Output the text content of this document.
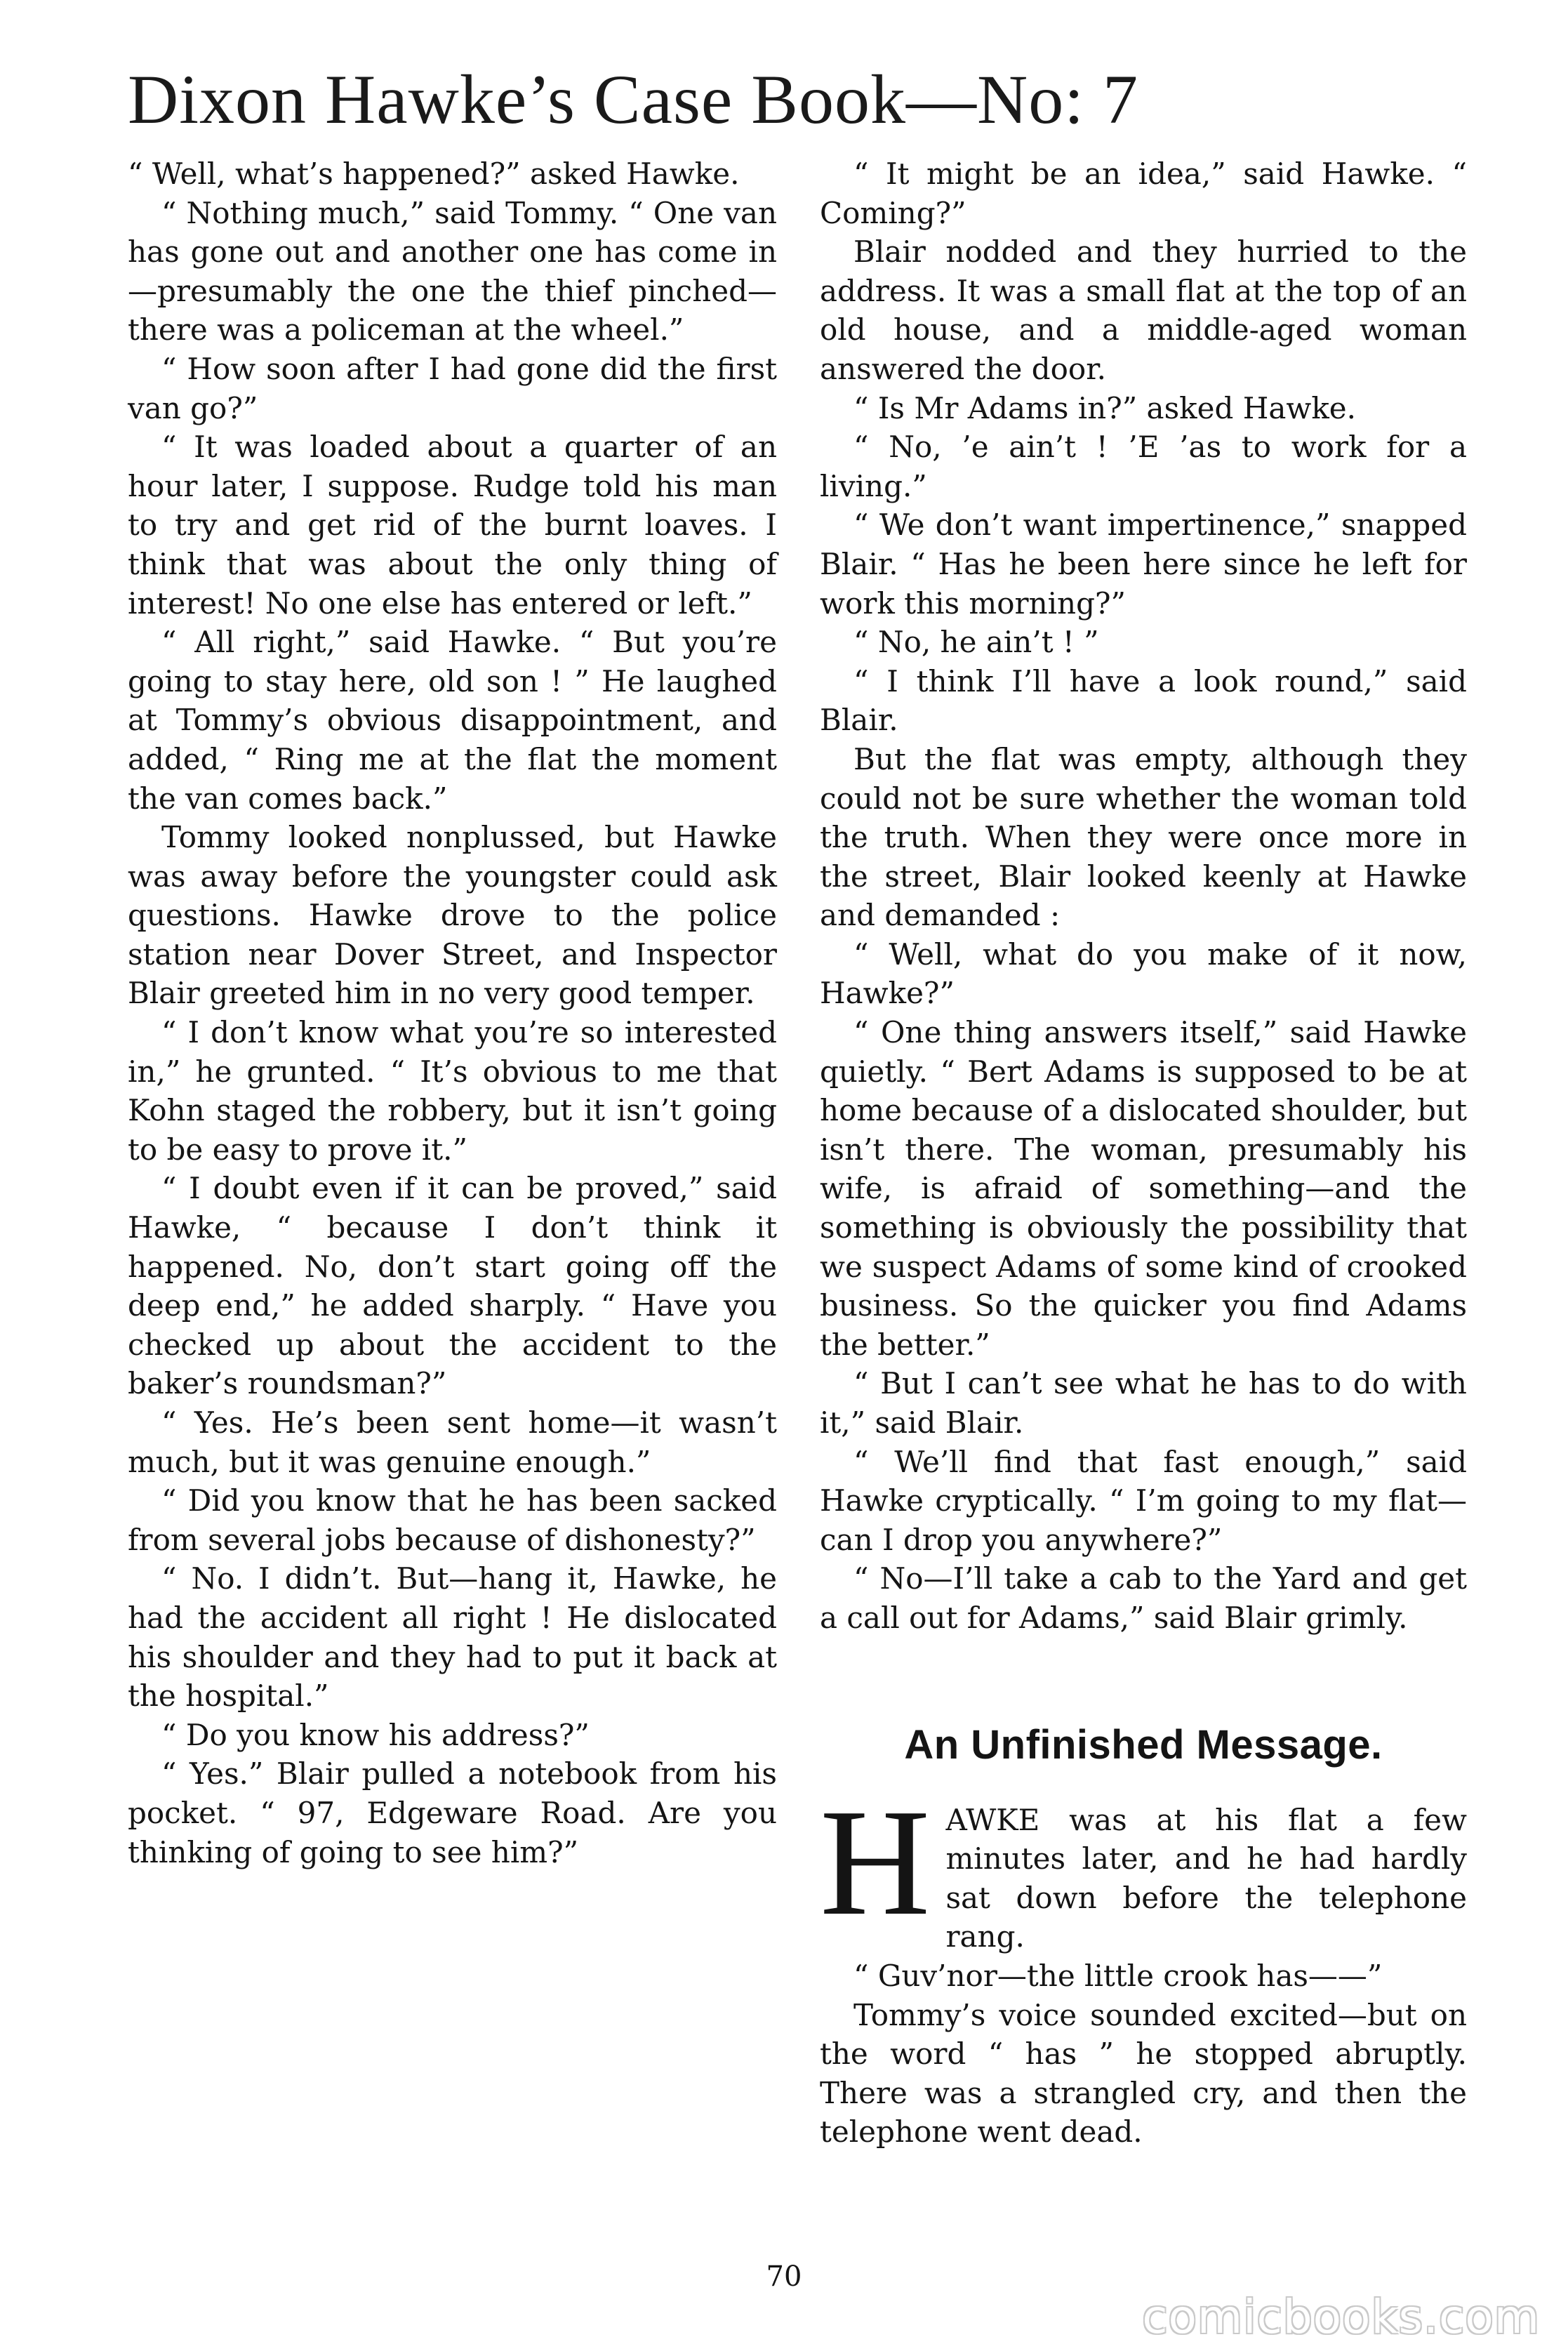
Dixon Hawke’s Case Book—No: 7

“ Well, what’s happened?” asked Hawke.

“ Nothing much,” said Tommy. “ One van has gone out and another one has come in—presumably the one the thief pinched—there was a policeman at the wheel.”

“ How soon after I had gone did the first van go?”

“ It was loaded about a quarter of an hour later, I suppose. Rudge told his man to try and get rid of the burnt loaves. I think that was about the only thing of interest! No one else has entered or left.”

“ All right,” said Hawke. “ But you’re going to stay here, old son ! ” He laughed at Tommy’s obvious disappointment, and added, “ Ring me at the flat the moment the van comes back.”

Tommy looked nonplussed, but Hawke was away before the youngster could ask questions. Hawke drove to the police station near Dover Street, and Inspector Blair greeted him in no very good temper.

“ I don’t know what you’re so interested in,” he grunted. “ It’s obvious to me that Kohn staged the robbery, but it isn’t going to be easy to prove it.”

“ I doubt even if it can be proved,” said Hawke, “ because I don’t think it happened. No, don’t start going off the deep end,” he added sharply. “ Have you checked up about the accident to the baker’s roundsman?”

“ Yes. He’s been sent home—it wasn’t much, but it was genuine enough.”

“ Did you know that he has been sacked from several jobs because of dishonesty?”

“ No. I didn’t. But—hang it, Hawke, he had the accident all right ! He dislocated his shoulder and they had to put it back at the hospital.”

“ Do you know his address?”

“ Yes.” Blair pulled a notebook from his pocket. “ 97, Edgeware Road. Are you thinking of going to see him?”

“ It might be an idea,” said Hawke. “ Coming?”

Blair nodded and they hurried to the address. It was a small flat at the top of an old house, and a middle-aged woman answered the door.

“ Is Mr Adams in?” asked Hawke.

“ No, ’e ain’t ! ’E ’as to work for a living.”

“ We don’t want impertinence,” snapped Blair. “ Has he been here since he left for work this morning?”

“ No, he ain’t ! ”

“ I think I’ll have a look round,” said Blair.

But the flat was empty, although they could not be sure whether the woman told the truth. When they were once more in the street, Blair looked keenly at Hawke and demanded :

“ Well, what do you make of it now, Hawke?”

“ One thing answers itself,” said Hawke quietly. “ Bert Adams is supposed to be at home because of a dislocated shoulder, but isn’t there. The woman, presumably his wife, is afraid of something—and the something is obviously the possibility that we suspect Adams of some kind of crooked business. So the quicker you find Adams the better.”

“ But I can’t see what he has to do with it,” said Blair.

“ We’ll find that fast enough,” said Hawke cryptically. “ I’m going to my flat—can I drop you anywhere?”

“ No—I’ll take a cab to the Yard and get a call out for Adams,” said Blair grimly.

An Unfinished Message.

HAWKE was at his flat a few minutes later, and he had hardly sat down before the telephone rang.

“ Guv’nor—the little crook has——”

Tommy’s voice sounded excited—but on the word “ has ” he stopped abruptly. There was a strangled cry, and then the telephone went dead.

70
comicbooks.com
